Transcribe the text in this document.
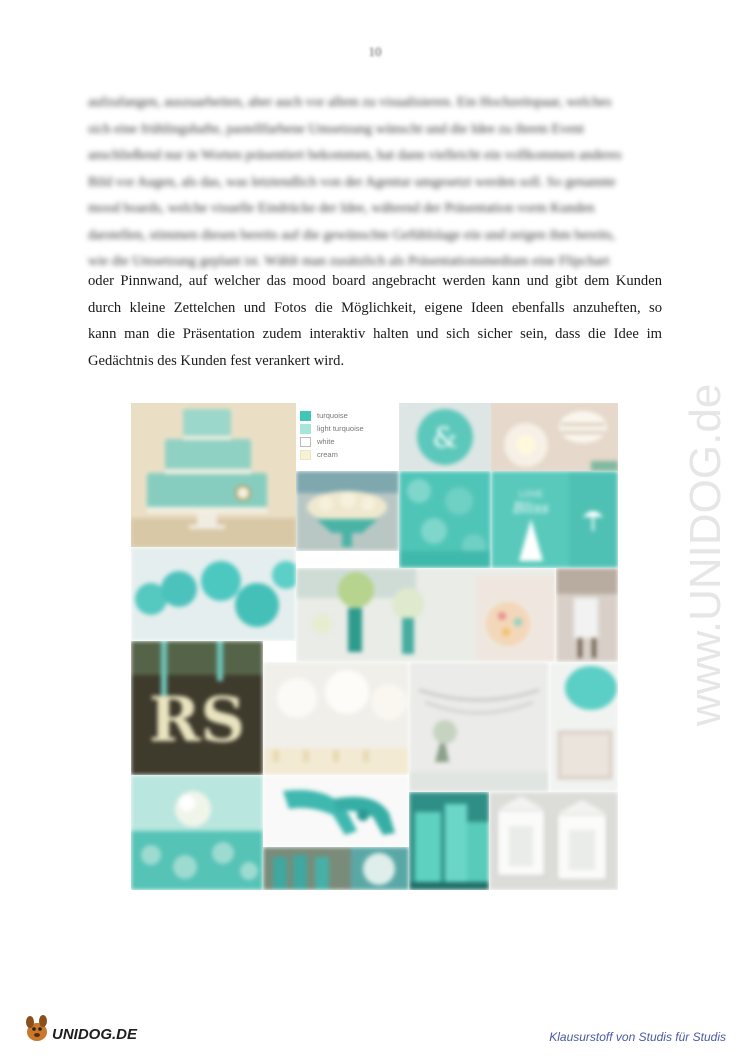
10
aufzufangen, auszuarbeiten, aber auch vor allem zu visualisieren. Ein Hochzeitspaar, welches
sich eine frühlingshafte, pastellfarbene Umsetzung wünscht und die Idee zu ihrem Event
anschließend nur in Worten präsentiert bekommen, hat dann vielleicht ein vollkommen anderes
Bild vor Augen, als das, was letztendlich von der Agentur umgesetzt werden soll. So genannte
mood boards, welche visuelle Eindrücke der Idee, während der Präsentation vorm Kunden
darstellen, stimmen diesen bereits auf die gewünschte Gefühlslage ein und zeigen ihm bereits,
wie die Umsetzung geplant ist. Wählt man zusätzlich als Präsentationsmedium eine Flipchart
oder Pinnwand, auf welcher das mood board angebracht werden kann und gibt dem Kunden
durch kleine Zettelchen und Fotos die Möglichkeit, eigene Ideen ebenfalls anzuheften, so
kann man die Präsentation zudem interaktiv halten und sich sicher sein, dass die Idee im
Gedächtnis des Kunden fest verankert wird.
www.UNIDOG.de
&
LOVE
Bliss
RS
turquoise
light turquoise
white
cream
UNIDOG.DE	Klausurstoff von Studis für Studis
